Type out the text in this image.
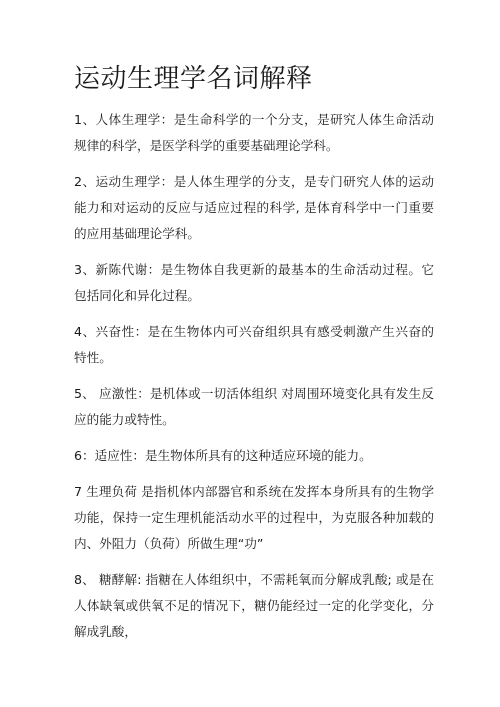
运动生理学名词解释

1、人体生理学：是生命科学的一个分支，是研究人体生命活动规律的科学，是医学科学的重要基础理论学科。

2、运动生理学：是人体生理学的分支，是专门研究人体的运动能力和对运动的反应与适应过程的科学, 是体育科学中一门重要的应用基础理论学科。

3、新陈代谢：是生物体自我更新的最基本的生命活动过程。它包括同化和异化过程。

4、兴奋性：是在生物体内可兴奋组织具有感受刺激产生兴奋的特性。

5、 应激性：是机体或一切活体组织 对周围环境变化具有发生反应的能力或特性。

6：适应性：是生物体所具有的这种适应环境的能力。

7 生理负荷 是指机体内部器官和系统在发挥本身所具有的生物学功能，保持一定生理机能活动水平的过程中，为克服各种加载的内、外阻力（负荷）所做生理“功”

8、 糖酵解: 指糖在人体组织中，不需耗氧而分解成乳酸; 或是在人体缺氧或供氧不足的情况下，糖仍能经过一定的化学变化，分解成乳酸，
